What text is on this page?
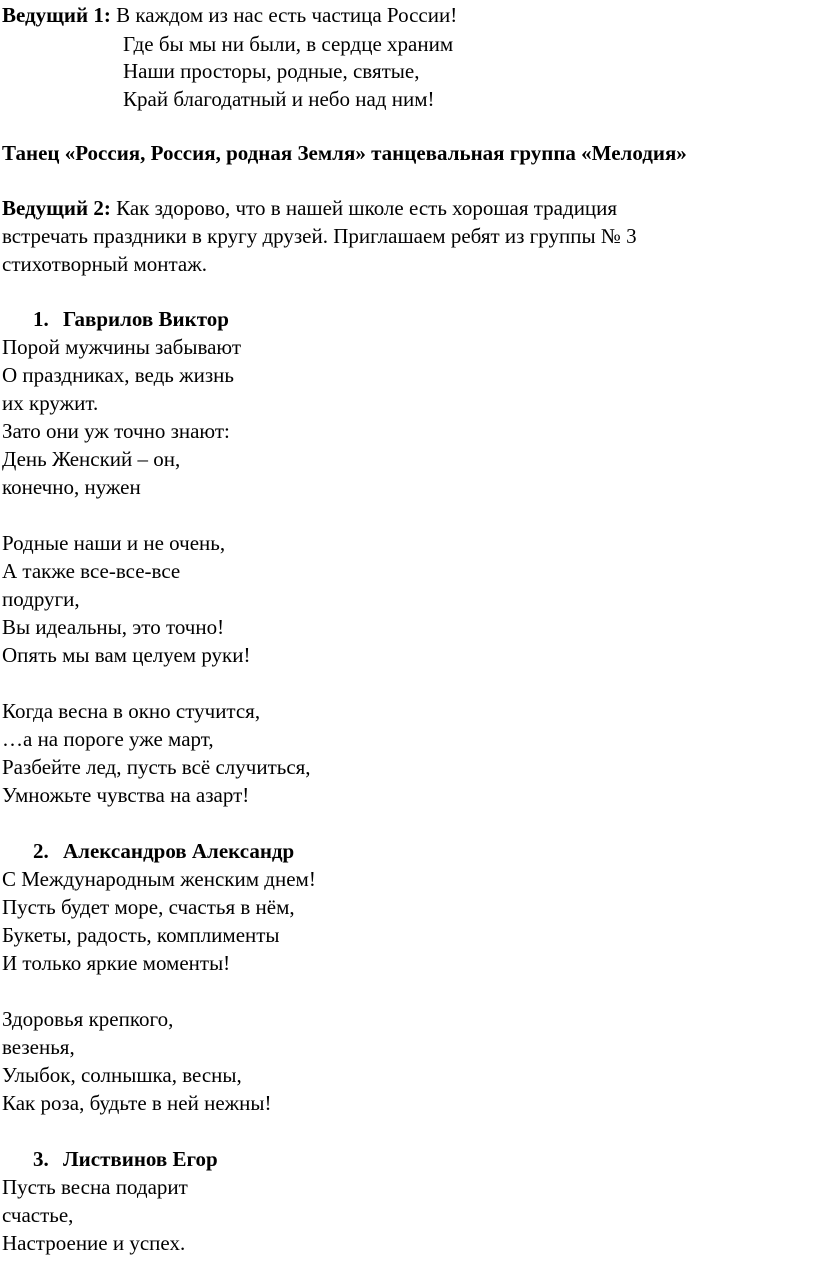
Ведущий 1: В каждом из нас есть частица России!
Где бы мы ни были, в сердце храним
Наши просторы, родные, святые,
Край благодатный и небо над ним!
Танец «Россия, Россия, родная Земля» танцевальная группа «Мелодия»
Ведущий 2: Как здорово, что в нашей школе есть хорошая традиция
встречать праздники в кругу друзей. Приглашаем ребят из группы № 3
стихотворный монтаж.
1. Гаврилов Виктор
Порой мужчины забывают
О праздниках, ведь жизнь
их кружит.
Зато они уж точно знают:
День Женский – он,
конечно, нужен
Родные наши и не очень,
А также все-все-все
подруги,
Вы идеальны, это точно!
Опять мы вам целуем руки!
Когда весна в окно стучится,
…а на пороге уже март,
Разбейте лед, пусть всё случиться,
Умножьте чувства на азарт!
2. Александров Александр
С Международным женским днем!
Пусть будет море, счастья в нём,
Букеты, радость, комплименты
И только яркие моменты!
Здоровья крепкого,
везенья,
Улыбок, солнышка, весны,
Как роза, будьте в ней нежны!
3. Листвинов Егор
Пусть весна подарит
счастье,
Настроение и успех.
